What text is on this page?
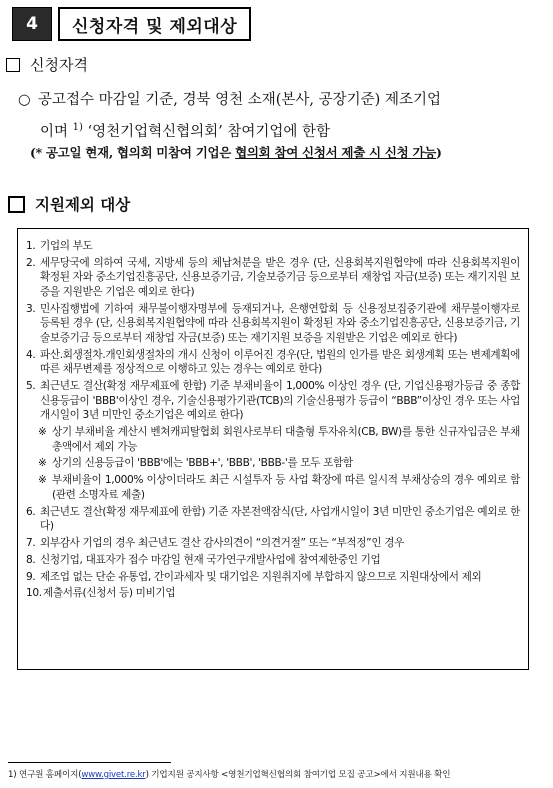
4	신청자격 및 제외대상
신청자격
○ 공고접수 마감일 기준, 경북 영천 소재(본사, 공장기준) 제조기업
이며 $^{1)}$ ‘영천기업혁신협의회’ 참여기업에 한함
(* 공고일 현재, 협의회 미참여 기업은 협의회 참여 신청서 제출 시 신청 가능)
지원제외 대상
1. 기업의 부도
2. 세무당국에 의하여 국세, 지방세 등의 체납처분을 받은 경우 (단, 신용회복지원협약에 따라 신용회복지원이 확정된 자와 중소기업진흥공단, 신용보증기금, 기술보증기금 등으로부터 재창업 자금(보증) 또는 재기지원 보증을 지원받은 기업은 예외로 한다)
3. 민사집행법에 기하여 채무불이행자명부에 등재되거나, 은행연합회 등 신용정보집중기관에 채무불이행자로 등록된 경우 (단, 신용회복지원협약에 따라 신용회복지원이 확정된 자와 중소기업진흥공단, 신용보증기금, 기술보증기금 등으로부터 재창업 자금(보증) 또는 재기지원 보증을 지원받은 기업은 예외로 한다)
4. 파산.회생절차.개인회생절차의 개시 신청이 이루어진 경우(단, 법원의 인가를 받은 회생계획 또는 변제계획에 따른 채무변제를 정상적으로 이행하고 있는 경우는 예외로 한다)
5. 최근년도 결산(확정 재무제표에 한함) 기준 부채비율이 1,000% 이상인 경우 (단, 기업신용평가등급 중 종합신용등급이 'BBB'이상인 경우, 기술신용평가기관(TCB)의 기술신용평가 등급이 “BBB”이상인 경우 또는 사업개시일이 3년 미만인 중소기업은 예외로 한다)
※ 상기 부채비율 계산시 벤쳐캐피탈협회 회원사로부터 대출형 투자유치(CB, BW)를 통한 신규자입금은 부채총액에서 제외 가능
※ 상기의 신용등급이 'BBB'에는 'BBB+', 'BBB', 'BBB-'를 모두 포함함
※ 부채비율이 1,000% 이상이더라도 최근 시설투자 등 사업 확장에 따른 일시적 부채상승의 경우 예외로 함(관련 소명자료 제출)
6. 최근년도 결산(확정 재무제표에 한함) 기준 자본전액잠식(단, 사업개시일이 3년 미만인 중소기업은 예외로 한다)
7. 외부감사 기업의 경우 최근년도 결산 감사의견이 “의견거절” 또는 “부적정”인 경우
8. 신청기업, 대표자가 접수 마감일 현재 국가연구개발사업에 참여제한중인 기업
9. 제조업 없는 단순 유통업, 간이과세자 및 대기업은 지원취지에 부합하지 않으므로 지원대상에서 제외
10. 제출서류(신청서 등) 미비기업
1) 연구원 홈페이지(www.givet.re.kr) 기업지원 공지사항 <영천기업혁신협의회 참여기업 모집 공고>에서 지원내용 확인
